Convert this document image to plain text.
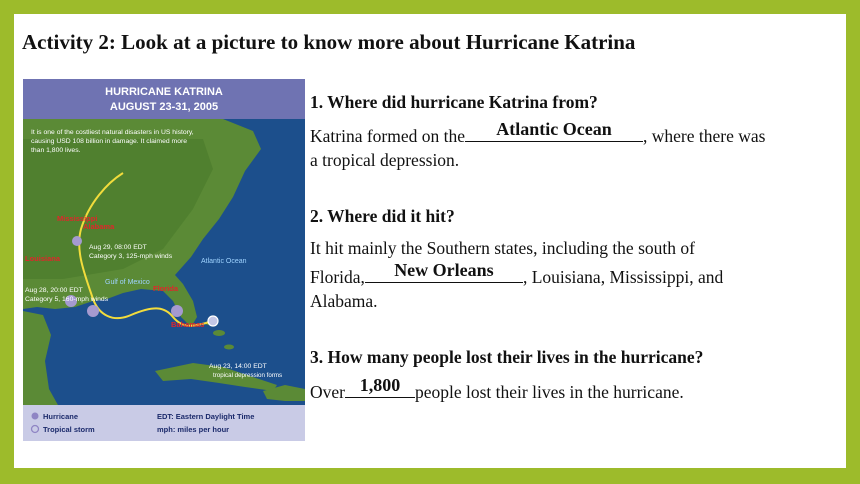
Activity 2: Look at a picture to know more about Hurricane Katrina
HURRICANE KATRINA
AUGUST 23-31, 2005
It is one of the costliest natural disasters in US history,
causing USD 108 billion in damage. It claimed more
than 1,800 lives.
Mississippi
Alabama
Louisiana
Florida
Bahamas
Atlantic Ocean
Gulf of Mexico
Aug 29, 08:00 EDT
Category 3, 125-mph winds
Aug 28, 20:00 EDT
Category 5, 160-mph winds
Aug 23, 14:00 EDT
tropical depression forms
Hurricane
Tropical storm
EDT: Eastern Daylight Time
mph: miles per hour
1. Where did hurricane Katrina from?
Katrina formed on the	Atlantic Ocean	, where there was
a tropical depression.
2. Where did it hit?
It hit mainly the Southern states, including the south of
Florida,	New Orleans	, Louisiana, Mississippi, and
Alabama.
3. How many people lost their lives in the hurricane?
Over 1,800 people lost their lives in the hurricane.
